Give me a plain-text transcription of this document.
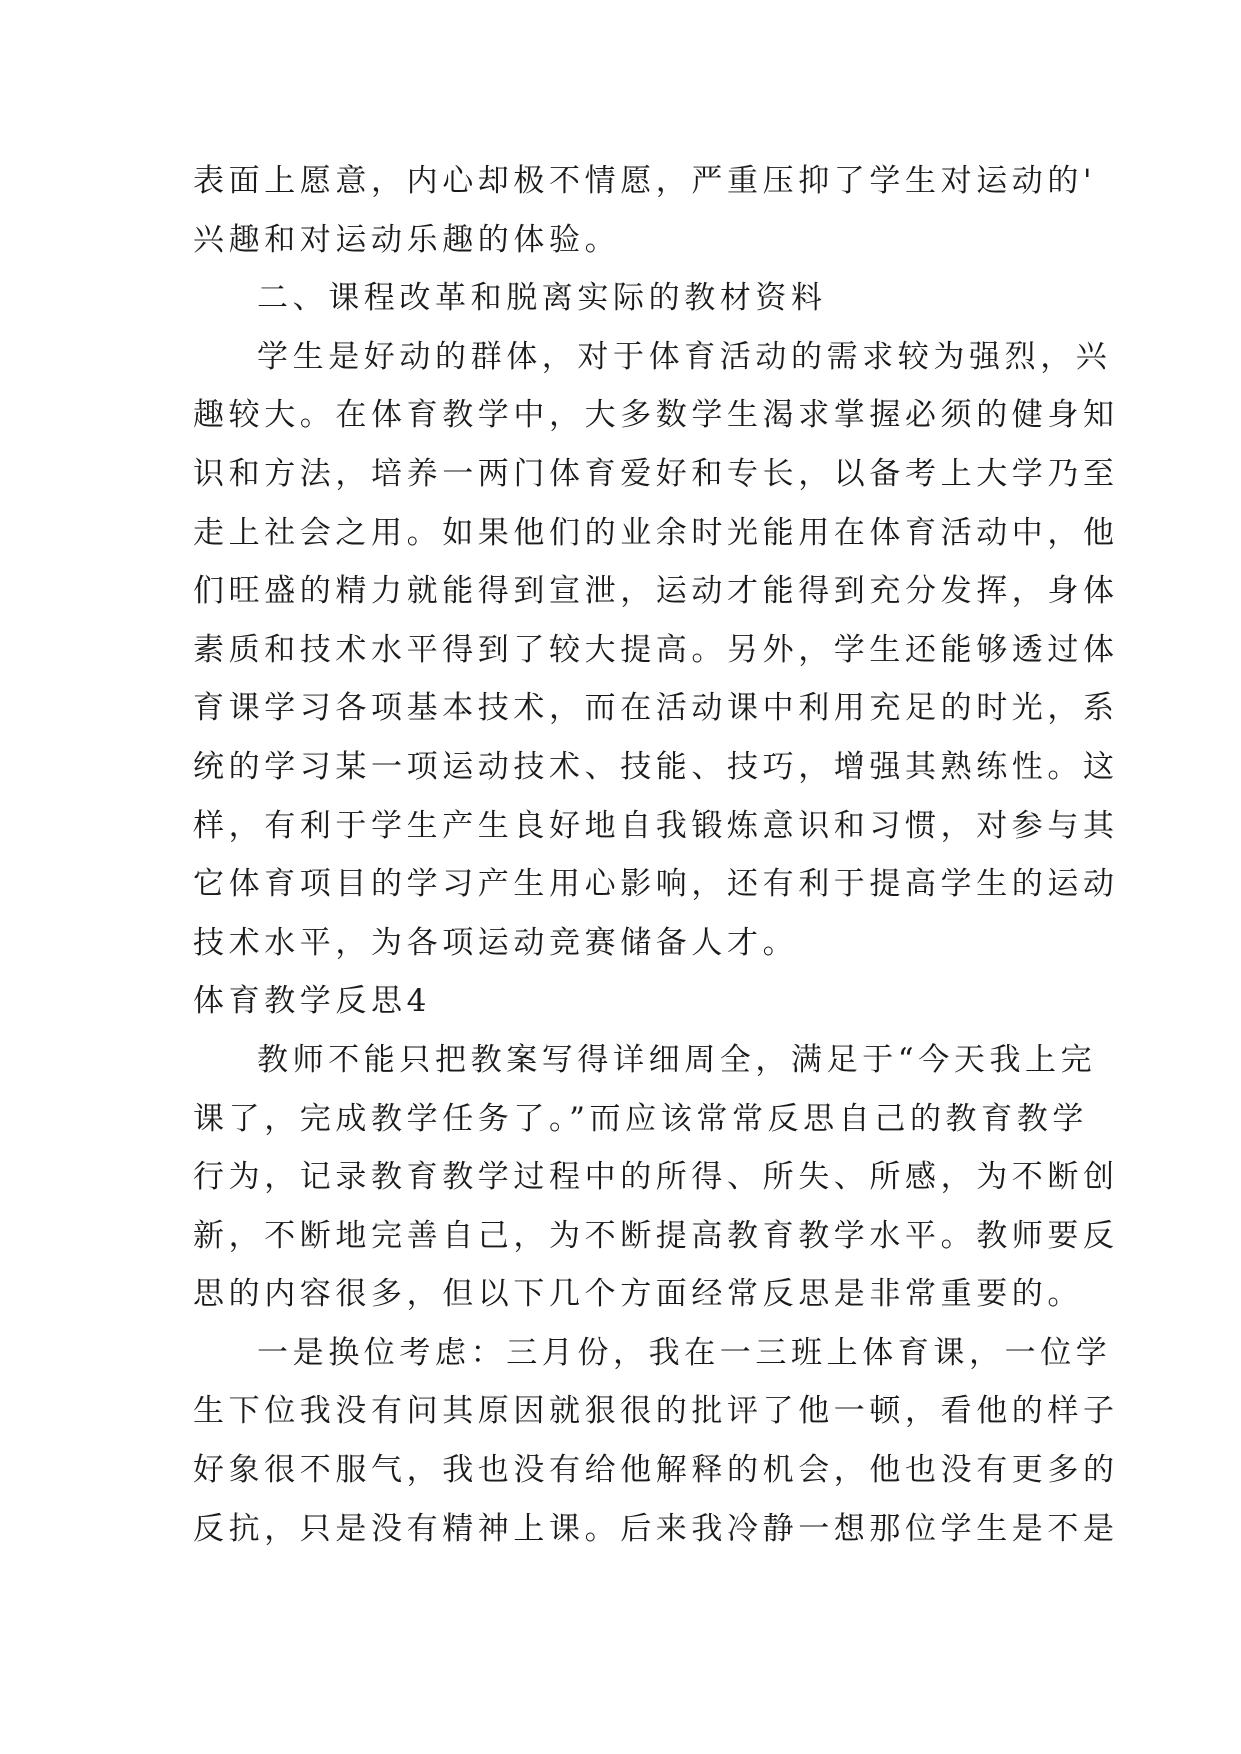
表面上愿意，内心却极不情愿，严重压抑了学生对运动的'
兴趣和对运动乐趣的体验。
二、课程改革和脱离实际的教材资料
学生是好动的群体，对于体育活动的需求较为强烈，兴
趣较大。在体育教学中，大多数学生渴求掌握必须的健身知
识和方法，培养一两门体育爱好和专长，以备考上大学乃至
走上社会之用。如果他们的业余时光能用在体育活动中，他
们旺盛的精力就能得到宣泄，运动才能得到充分发挥，身体
素质和技术水平得到了较大提高。另外，学生还能够透过体
育课学习各项基本技术，而在活动课中利用充足的时光，系
统的学习某一项运动技术、技能、技巧，增强其熟练性。这
样，有利于学生产生良好地自我锻炼意识和习惯，对参与其
它体育项目的学习产生用心影响，还有利于提高学生的运动
技术水平，为各项运动竞赛储备人才。
体育教学反思4
教师不能只把教案写得详细周全，满足于“今天我上完
课了，完成教学任务了。”而应该常常反思自己的教育教学
行为，记录教育教学过程中的所得、所失、所感，为不断创
新，不断地完善自己，为不断提高教育教学水平。教师要反
思的内容很多，但以下几个方面经常反思是非常重要的。
一是换位考虑：三月份，我在一三班上体育课，一位学
生下位我没有问其原因就狠很的批评了他一顿，看他的样子
好象很不服气，我也没有给他解释的机会，他也没有更多的
反抗，只是没有精神上课。后来我冷静一想那位学生是不是
